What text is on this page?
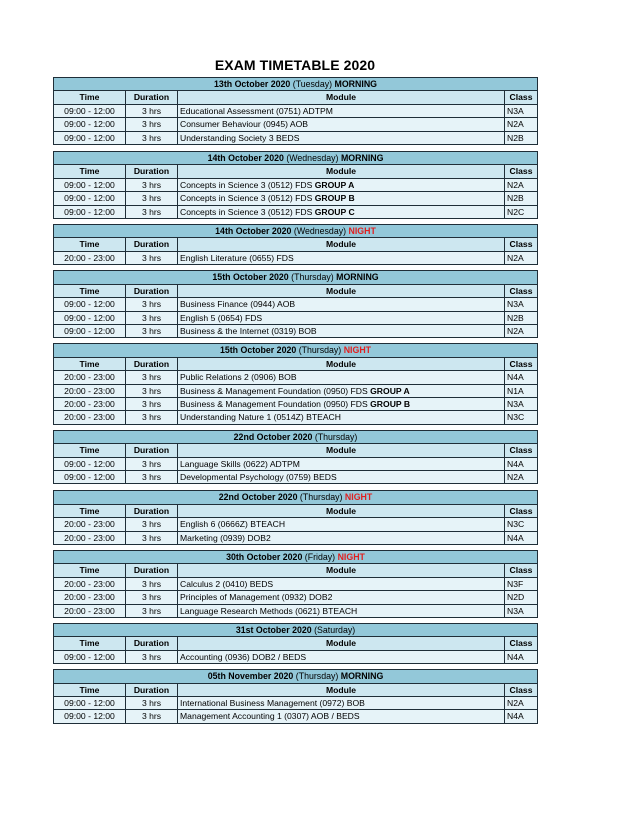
EXAM TIMETABLE 2020
13th October 2020 (Tuesday) MORNING			
Time	Duration	Module	Class
09:00 - 12:00	3 hrs	Educational Assessment (0751) ADTPM	N3A
09:00 - 12:00	3 hrs	Consumer Behaviour (0945) AOB	N2A
09:00 - 12:00	3 hrs	Understanding Society 3 BEDS	N2B
14th October 2020 (Wednesday) MORNING			
Time	Duration	Module	Class
09:00 - 12:00	3 hrs	Concepts in Science 3 (0512) FDS GROUP A	N2A
09:00 - 12:00	3 hrs	Concepts in Science 3 (0512) FDS GROUP B	N2B
09:00 - 12:00	3 hrs	Concepts in Science 3 (0512) FDS GROUP C	N2C
14th October 2020 (Wednesday) NIGHT			
Time	Duration	Module	Class
20:00 - 23:00	3 hrs	English Literature (0655) FDS	N2A
15th October 2020 (Thursday) MORNING			
Time	Duration	Module	Class
09:00 - 12:00	3 hrs	Business Finance (0944) AOB	N3A
09:00 - 12:00	3 hrs	English 5 (0654) FDS	N2B
09:00 - 12:00	3 hrs	Business & the Internet (0319) BOB	N2A
15th October 2020 (Thursday) NIGHT			
Time	Duration	Module	Class
20:00 - 23:00	3 hrs	Public Relations 2 (0906) BOB	N4A
20:00 - 23:00	3 hrs	Business & Management Foundation (0950) FDS GROUP A	N1A
20:00 - 23:00	3 hrs	Business & Management Foundation (0950) FDS GROUP B	N3A
20:00 - 23:00	3 hrs	Understanding Nature 1 (0514Z) BTEACH	N3C
22nd October 2020 (Thursday)			
Time	Duration	Module	Class
09:00 - 12:00	3 hrs	Language Skills (0622) ADTPM	N4A
09:00 - 12:00	3 hrs	Developmental Psychology (0759) BEDS	N2A
22nd October 2020 (Thursday) NIGHT			
Time	Duration	Module	Class
20:00 - 23:00	3 hrs	English 6 (0666Z) BTEACH	N3C
20:00 - 23:00	3 hrs	Marketing (0939) DOB2	N4A
30th October 2020 (Friday) NIGHT			
Time	Duration	Module	Class
20:00 - 23:00	3 hrs	Calculus 2 (0410) BEDS	N3F
20:00 - 23:00	3 hrs	Principles of Management (0932) DOB2	N2D
20:00 - 23:00	3 hrs	Language Research Methods (0621) BTEACH	N3A
31st October 2020 (Saturday)			
Time	Duration	Module	Class
09:00 - 12:00	3 hrs	Accounting (0936) DOB2 / BEDS	N4A
05th November 2020 (Thursday) MORNING			
Time	Duration	Module	Class
09:00 - 12:00	3 hrs	International Business Management (0972) BOB	N2A
09:00 - 12:00	3 hrs	Management Accounting 1 (0307) AOB / BEDS	N4A
